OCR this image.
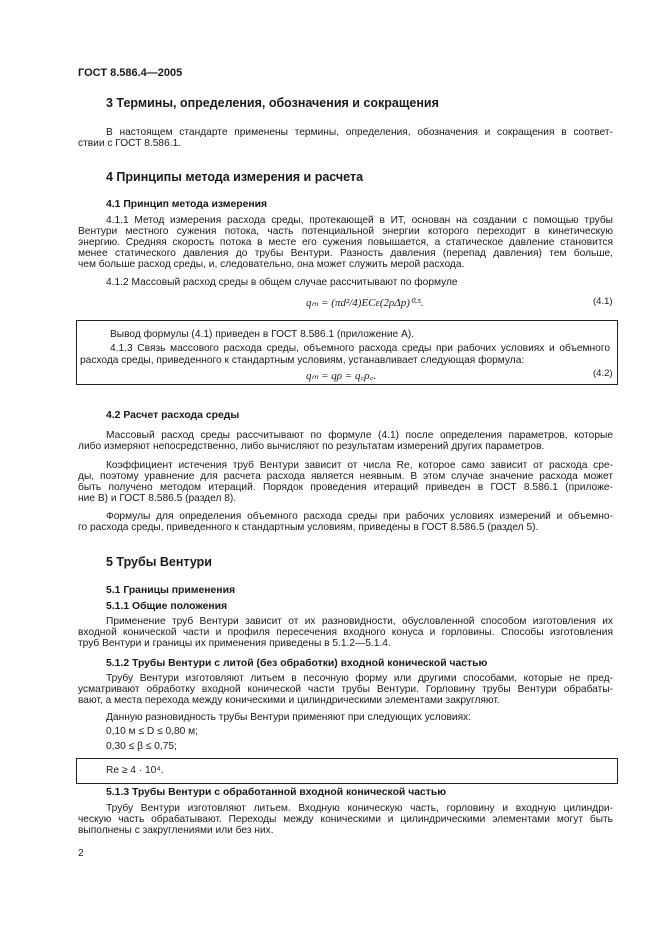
ГОСТ 8.586.4—2005
3 Термины, определения, обозначения и сокращения
В настоящем стандарте применены термины, определения, обозначения и сокращения в соответ-
ствии с ГОСТ 8.586.1.
4 Принципы метода измерения и расчета
4.1 Принцип метода измерения
4.1.1 Метод измерения расхода среды, протекающей в ИТ, основан на создании с помощью трубы
Вентури местного сужения потока, часть потенциальной энергии которого переходит в кинетическую
энергию. Средняя скорость потока в месте его сужения повышается, а статическое давление становится
менее статического давления до трубы Вентури. Разность давления (перепад давления) тем больше,
чем больше расход среды, и, следовательно, она может служить мерой расхода.
4.1.2 Массовый расход среды в общем случае рассчитывают по формуле
qₘ = (πd²/4)ECε(2ρΔp)⁰·⁵.	(4.1)
Вывод формулы (4.1) приведен в ГОСТ 8.586.1 (приложение А).
4.1.3 Связь массового расхода среды, объемного расхода среды при рабочих условиях и объемного
расхода среды, приведенного к стандартным условиям, устанавливает следующая формула:
qₘ = qρ = q꜀ρ꜀.	(4.2)
4.2 Расчет расхода среды
Массовый расход среды рассчитывают по формуле (4.1) после определения параметров, которые
либо измеряют непосредственно, либо вычисляют по результатам измерений других параметров.
Коэффициент истечения труб Вентури зависит от числа Re, которое само зависит от расхода сре-
ды, поэтому уравнение для расчета расхода является неявным. В этом случае значение расхода может
быть получено методом итераций. Порядок проведения итераций приведен в ГОСТ 8.586.1 (приложе-
ние В) и ГОСТ 8.586.5 (раздел 8).
Формулы для определения объемного расхода среды при рабочих условиях измерений и объемно-
го расхода среды, приведенного к стандартным условиям, приведены в ГОСТ 8.586.5 (раздел 5).
5 Трубы Вентури
5.1 Границы применения
5.1.1 Общие положения
Применение труб Вентури зависит от их разновидности, обусловленной способом изготовления их
входной конической части и профиля пересечения входного конуса и горловины. Способы изготовления
труб Вентури и границы их применения приведены в 5.1.2—5.1.4.
5.1.2 Трубы Вентури с литой (без обработки) входной конической частью
Трубу Вентури изготовляют литьем в песочную форму или другими способами, которые не пред-
усматривают обработку входной конической части трубы Вентури. Горловину трубы Вентури обрабаты-
вают, а места перехода между коническими и цилиндрическими элементами закругляют.
Данную разновидность трубы Вентури применяют при следующих условиях:
0,10 м ≤ D ≤ 0,80 м;
0,30 ≤ β ≤ 0,75;
Re ≥ 4 · 10⁴.
5.1.3 Трубы Вентури с обработанной входной конической частью
Трубу Вентури изготовляют литьем. Входную коническую часть, горловину и входную цилиндри-
ческую часть обрабатывают. Переходы между коническими и цилиндрическими элементами могут быть
выполнены с закруглениями или без них.
2
